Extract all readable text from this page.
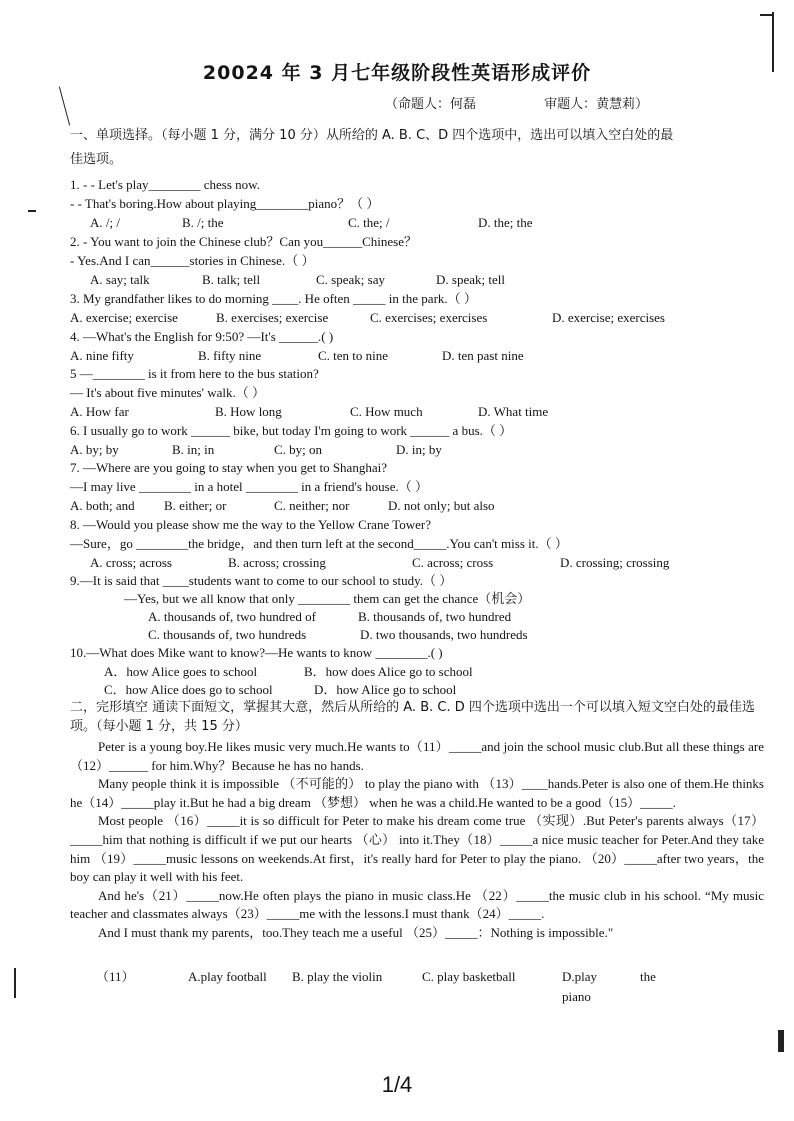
20024 年 3 月七年级阶段性英语形成评价
（命题人：何磊	审题人：黄慧莉）
一、单项选择。（每小题 1 分，满分 10 分）从所给的 A. B. C、D 四个选项中，选出可以填入空白处的最
佳选项。
1. - - Let's play________ chess now.
- - That's boring.How about playing________piano？（ ）
A. /; /	B. /; the	C. the; /	D. the; the
2. - You want to join the Chinese club？Can you______Chinese？
- Yes.And I can______stories in Chinese.（ ）
A. say; talk	B. talk; tell	C. speak; say	D. speak; tell
3. My grandfather likes to do morning ____. He often _____ in the park.（ ）
A. exercise; exercise	B. exercises; exercise	C. exercises; exercises	D. exercise; exercises
4. —What's the English for 9:50? —It's ______.( )
A. nine fifty	B. fifty nine	C. ten to nine	D. ten past nine
5 —________ is it from here to the bus station?
— It's about five minutes' walk.（ ）
A. How far	B. How long	C. How much	D. What time
6. I usually go to work ______ bike, but today I'm going to work ______ a bus.（ ）
A. by; by	B. in; in	C. by; on	D. in; by
7. —Where are you going to stay when you get to Shanghai?
—I may live ________ in a hotel ________ in a friend's house.（ ）
A. both; and B. either; or	C. neither; nor	D. not only; but also
8. —Would you please show me the way to the Yellow Crane Tower?
—Sure，go ________the bridge，and then turn left at the second_____.You can't miss it.（ ）
A. cross; across	B. across; crossing	C. across; cross	D. crossing; crossing
9.—It is said that ____students want to come to our school to study.（ ）
—Yes, but we all know that only ________ them can get the chance（机会）
A. thousands of, two hundred of	B. thousands of, two hundred
C. thousands of, two hundreds	D. two thousands, two hundreds
10.—What does Mike want to know?—He wants to know ________.( )
A．how Alice goes to school	B．how does Alice go to school
C．how Alice does go to school	D．how Alice go to school
二，完形填空 通读下面短文，掌握其大意，然后从所给的 A. B. C. D 四个选项中选出一个可以填入短文空白处的最佳选项。（每小题 1 分，共 15 分）

Peter is a young boy.He likes music very much.He wants to（11）_____and join the school music club.But all these things are（12）______ for him.Why？Because he has no hands.

Many people think it is impossible （不可能的） to play the piano with （13）____hands.Peter is also one of them.He thinks he（14）_____play it.But he had a big dream （梦想） when he was a child.He wanted to be a good（15）_____.

Most people （16）_____it is so difficult for Peter to make his dream come true （实现）.But Peter's parents always（17）_____him that nothing is difficult if we put our hearts （心） into it.They（18）_____a nice music teacher for Peter.And they take him （19）_____music lessons on weekends.At first，it's really hard for Peter to play the piano. （20）_____after two years，the boy can play it well with his feet.

And he's（21）_____now.He often plays the piano in music class.He （22）_____the music club in his school. “My music teacher and classmates always（23）_____me with the lessons.I must thank（24）_____.

And I must thank my parents，too.They teach me a useful （25）_____：Nothing is impossible."

（11）	A.play football B. play the violin	C. play basketball	D.play	the
piano
1/4
